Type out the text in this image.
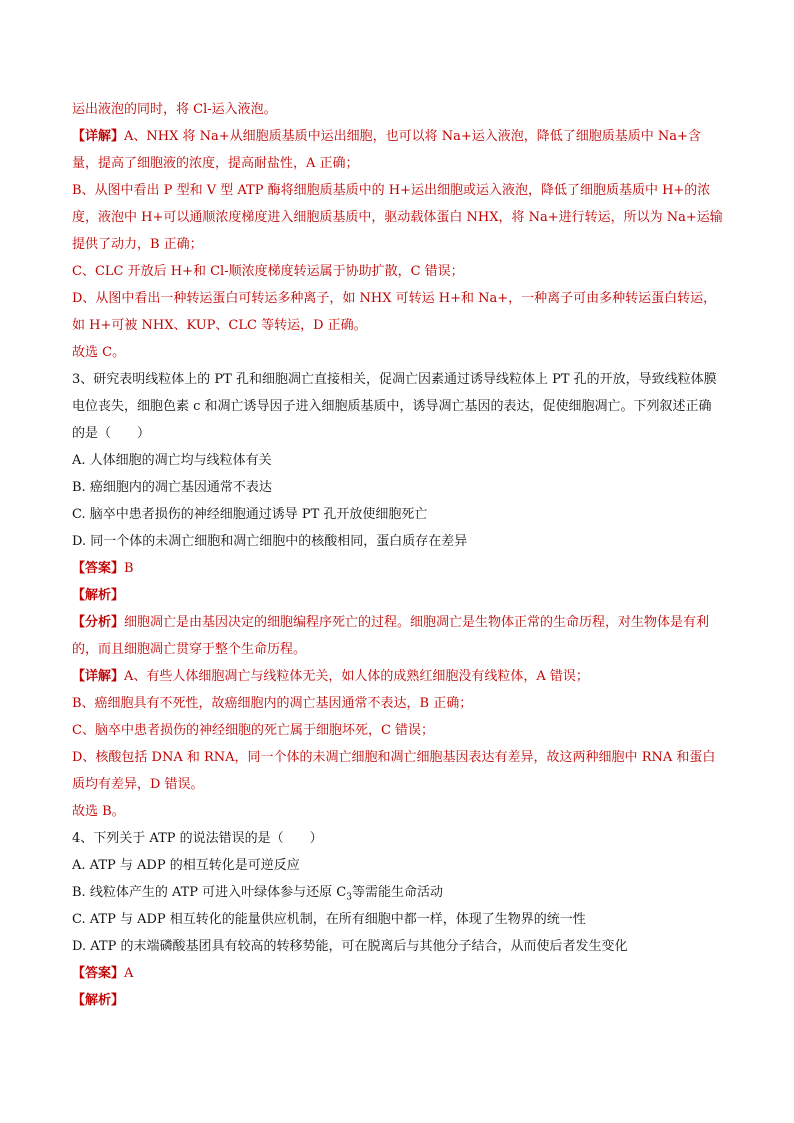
运出液泡的同时，将 Cl-运入液泡。

【详解】A、NHX 将 Na+从细胞质基质中运出细胞，也可以将 Na+运入液泡，降低了细胞质基质中 Na+含量，提高了细胞液的浓度，提高耐盐性，A 正确；

B、从图中看出 P 型和 V 型 ATP 酶将细胞质基质中的 H+运出细胞或运入液泡，降低了细胞质基质中 H+的浓度，液泡中 H+可以通顺浓度梯度进入细胞质基质中，驱动载体蛋白 NHX，将 Na+进行转运，所以为 Na+运输提供了动力，B 正确；

C、CLC 开放后 H+和 Cl-顺浓度梯度转运属于协助扩散，C 错误；

D、从图中看出一种转运蛋白可转运多种离子，如 NHX 可转运 H+和 Na+，一种离子可由多种转运蛋白转运，如 H+可被 NHX、KUP、CLC 等转运，D 正确。

故选 C。

3、研究表明线粒体上的 PT 孔和细胞凋亡直接相关，促凋亡因素通过诱导线粒体上 PT 孔的开放，导致线粒体膜电位丧失，细胞色素 c 和凋亡诱导因子进入细胞质基质中，诱导凋亡基因的表达，促使细胞凋亡。下列叙述正确的是（　　）

A. 人体细胞的凋亡均与线粒体有关

B. 癌细胞内的凋亡基因通常不表达

C. 脑卒中患者损伤的神经细胞通过诱导 PT 孔开放使细胞死亡

D. 同一个体的未凋亡细胞和凋亡细胞中的核酸相同，蛋白质存在差异

【答案】B

【解析】

【分析】细胞凋亡是由基因决定的细胞编程序死亡的过程。细胞凋亡是生物体正常的生命历程，对生物体是有利的，而且细胞凋亡贯穿于整个生命历程。

【详解】A、有些人体细胞凋亡与线粒体无关，如人体的成熟红细胞没有线粒体，A 错误；

B、癌细胞具有不死性，故癌细胞内的凋亡基因通常不表达，B 正确；

C、脑卒中患者损伤的神经细胞的死亡属于细胞坏死，C 错误；

D、核酸包括 DNA 和 RNA，同一个体的未凋亡细胞和凋亡细胞基因表达有差异，故这两种细胞中 RNA 和蛋白质均有差异，D 错误。

故选 B。

4、下列关于 ATP 的说法错误的是（　　）

A. ATP 与 ADP 的相互转化是可逆反应

B. 线粒体产生的 ATP 可进入叶绿体参与还原 $C_3$等需能生命活动

C. ATP 与 ADP 相互转化的能量供应机制，在所有细胞中都一样，体现了生物界的统一性

D. ATP 的末端磷酸基团具有较高的转移势能，可在脱离后与其他分子结合，从而使后者发生变化

【答案】A

【解析】
